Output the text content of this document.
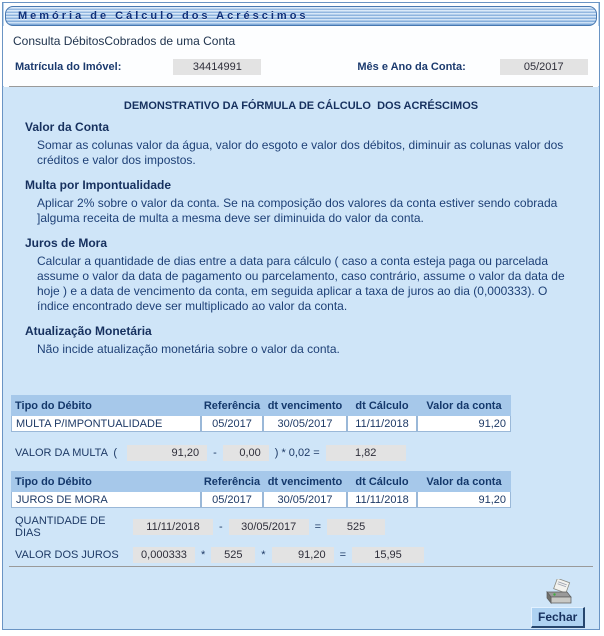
Memória de Cálculo dos Acréscimos
Consulta DébitosCobrados de uma Conta
Matrícula do Imóvel:	34414991	Mês e Ano da Conta:	05/2017
DEMONSTRATIVO DA FÓRMULA DE CÁLCULO  DOS ACRÉSCIMOS
Valor da Conta
Somar as colunas valor da água, valor do esgoto e valor dos débitos, diminuir as colunas valor dos créditos e valor dos impostos.
Multa por Impontualidade
Aplicar 2% sobre o valor da conta. Se na composição dos valores da conta estiver sendo cobrada ]alguma receita de multa a mesma deve ser diminuida do valor da conta.
Juros de Mora
Calcular a quantidade de dias entre a data para cálculo ( caso a conta esteja paga ou parcelada assume o valor da data de pagamento ou parcelamento, caso contrário, assume o valor da data de hoje ) e a data de vencimento da conta, em seguida aplicar a taxa de juros ao dia (0,000333). O índice encontrado deve ser multiplicado ao valor da conta.
Atualização Monetária
Não incide atualização monetária sobre o valor da conta.
Tipo do Débito	Referência	dt vencimento	dt Cálculo	Valor da conta
MULTA P/IMPONTUALIDADE	05/2017	30/05/2017	11/11/2018	91,20
VALOR DA MULTA  (	91,20	-	0,00	) * 0,02 =	1,82
Tipo do Débito	Referência	dt vencimento	dt Cálculo	Valor da conta
JUROS DE MORA	05/2017	30/05/2017	11/11/2018	91,20
QUANTIDADE DE  DIAS	11/11/2018	-	30/05/2017	=	525
VALOR DOS JUROS	0,000333	*	525	*	91,20	=	15,95
Fechar
